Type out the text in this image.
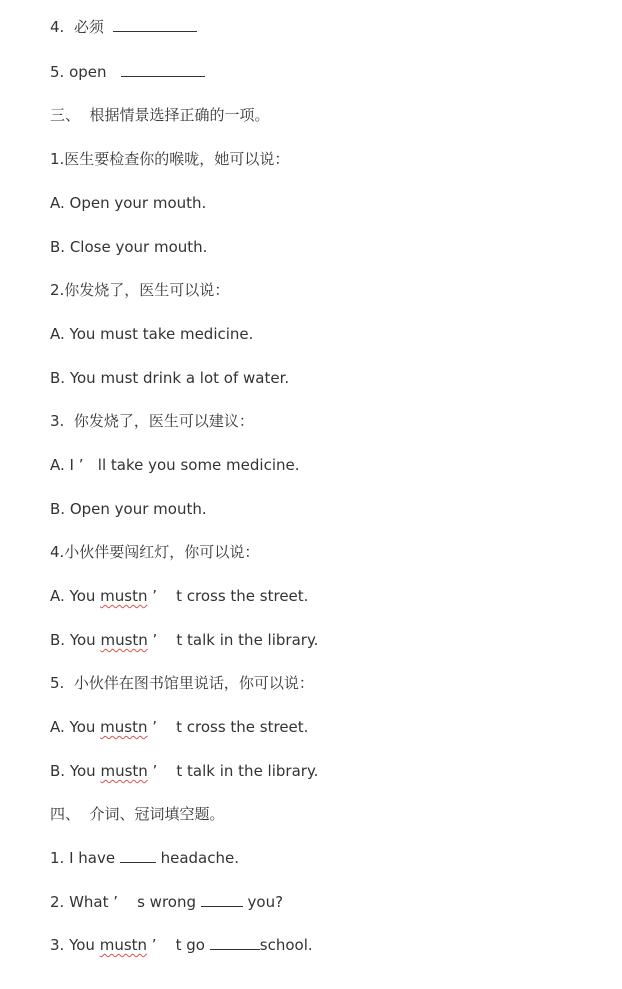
4.  必须
5. open
三、  根据情景选择正确的一项。
1.医生要检查你的喉咙，她可以说：
A. Open your mouth.
B. Close your mouth.
2.你发烧了，医生可以说：
A. You must take medicine.
B. You must drink a lot of water.
3.  你发烧了，医生可以建议：
A. I ’   ll take you some medicine.
B. Open your mouth.
4.小伙伴要闯红灯，你可以说：
A. You mustn ’    t cross the street.
B. You mustn ’    t talk in the library.
5.  小伙伴在图书馆里说话，你可以说：
A. You mustn ’    t cross the street.
B. You mustn ’    t talk in the library.
四、  介词、冠词填空题。
1. I have  headache.
2. What ’    s wrong	you?
3. You mustn ’    t go	school.
